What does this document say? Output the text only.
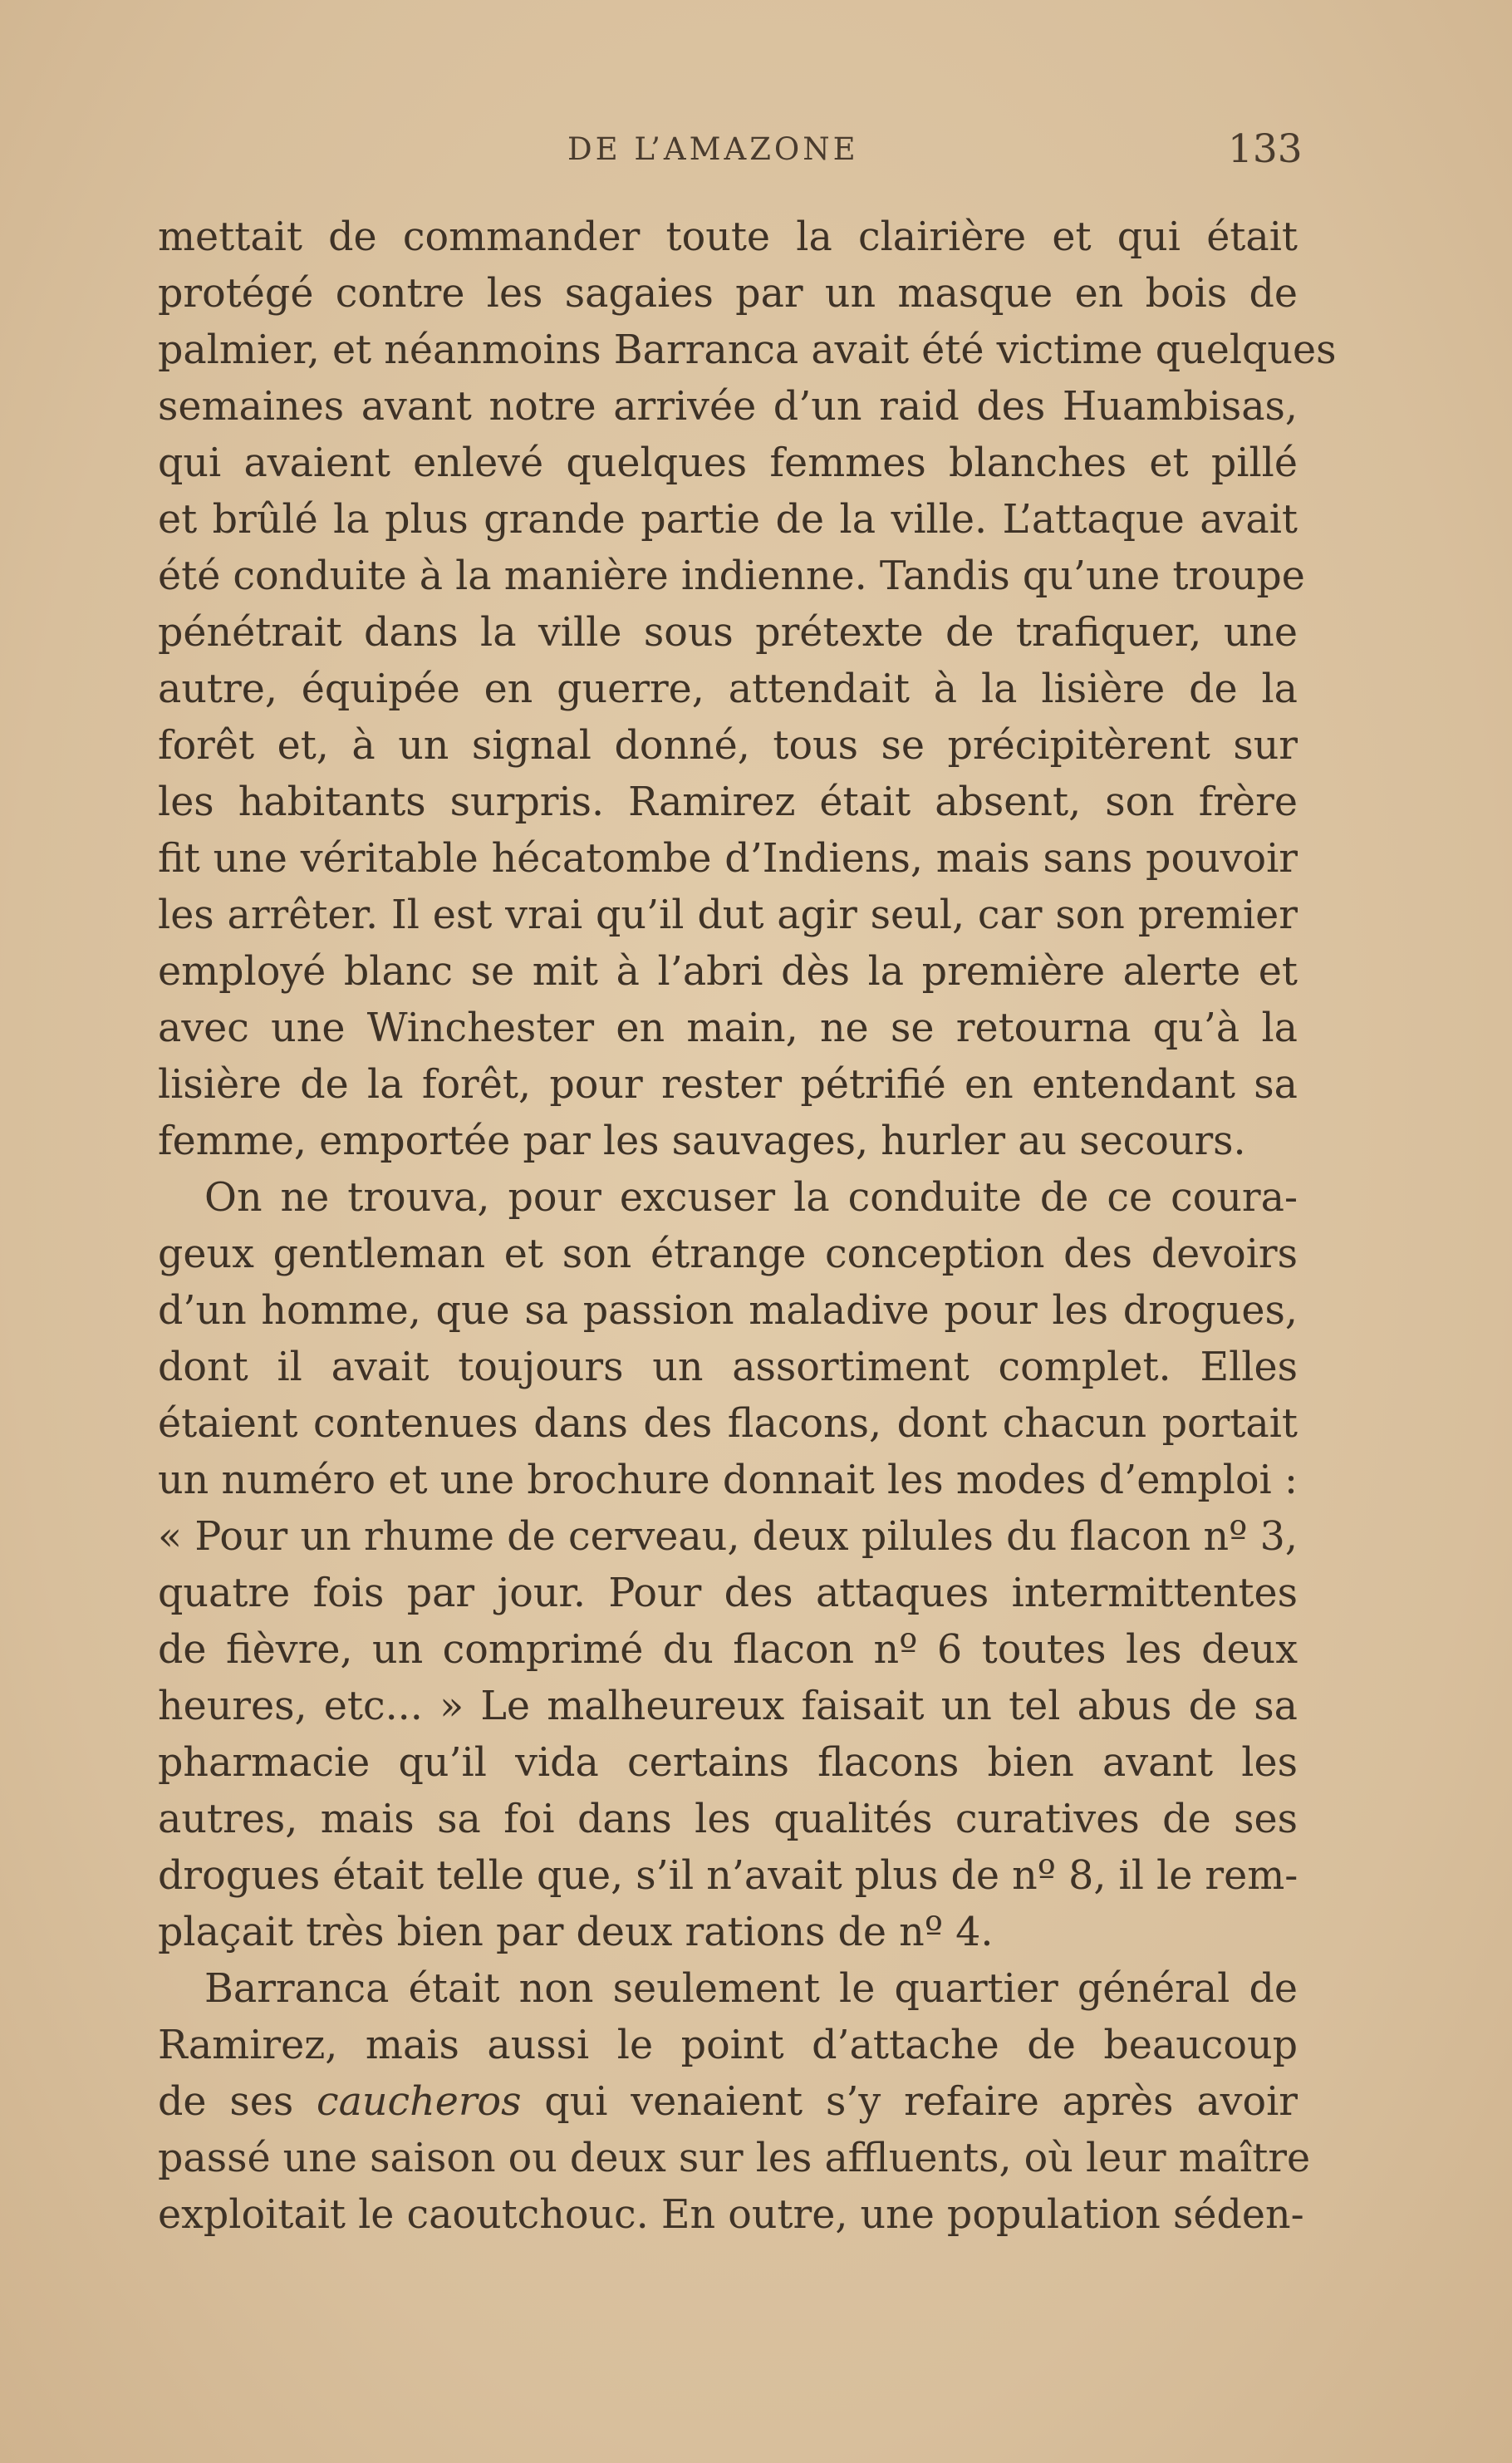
DE L’AMAZONE	133
mettait de commander toute la clairière et qui était
protégé contre les sagaies par un masque en bois de
palmier, et néanmoins Barranca avait été victime quelques
semaines avant notre arrivée d’un raid des Huambisas,
qui avaient enlevé quelques femmes blanches et pillé
et brûlé la plus grande partie de la ville. L’attaque avait
été conduite à la manière indienne. Tandis qu’une troupe
pénétrait dans la ville sous prétexte de trafiquer, une
autre, équipée en guerre, attendait à la lisière de la
forêt et, à un signal donné, tous se précipitèrent sur
les habitants surpris. Ramirez était absent, son frère
fit une véritable hécatombe d’Indiens, mais sans pouvoir
les arrêter. Il est vrai qu’il dut agir seul, car son premier
employé blanc se mit à l’abri dès la première alerte et
avec une Winchester en main, ne se retourna qu’à la
lisière de la forêt, pour rester pétrifié en entendant sa
femme, emportée par les sauvages, hurler au secours.
On ne trouva, pour excuser la conduite de ce coura-
geux gentleman et son étrange conception des devoirs
d’un homme, que sa passion maladive pour les drogues,
dont il avait toujours un assortiment complet. Elles
étaient contenues dans des flacons, dont chacun portait
un numéro et une brochure donnait les modes d’emploi :
« Pour un rhume de cerveau, deux pilules du flacon nº 3,
quatre fois par jour. Pour des attaques intermittentes
de fièvre, un comprimé du flacon nº 6 toutes les deux
heures, etc... » Le malheureux faisait un tel abus de sa
pharmacie qu’il vida certains flacons bien avant les
autres, mais sa foi dans les qualités curatives de ses
drogues était telle que, s’il n’avait plus de nº 8, il le rem-
plaçait très bien par deux rations de nº 4.
Barranca était non seulement le quartier général de
Ramirez, mais aussi le point d’attache de beaucoup
de ses caucheros qui venaient s’y refaire après avoir
passé une saison ou deux sur les affluents, où leur maître
exploitait le caoutchouc. En outre, une population séden-
